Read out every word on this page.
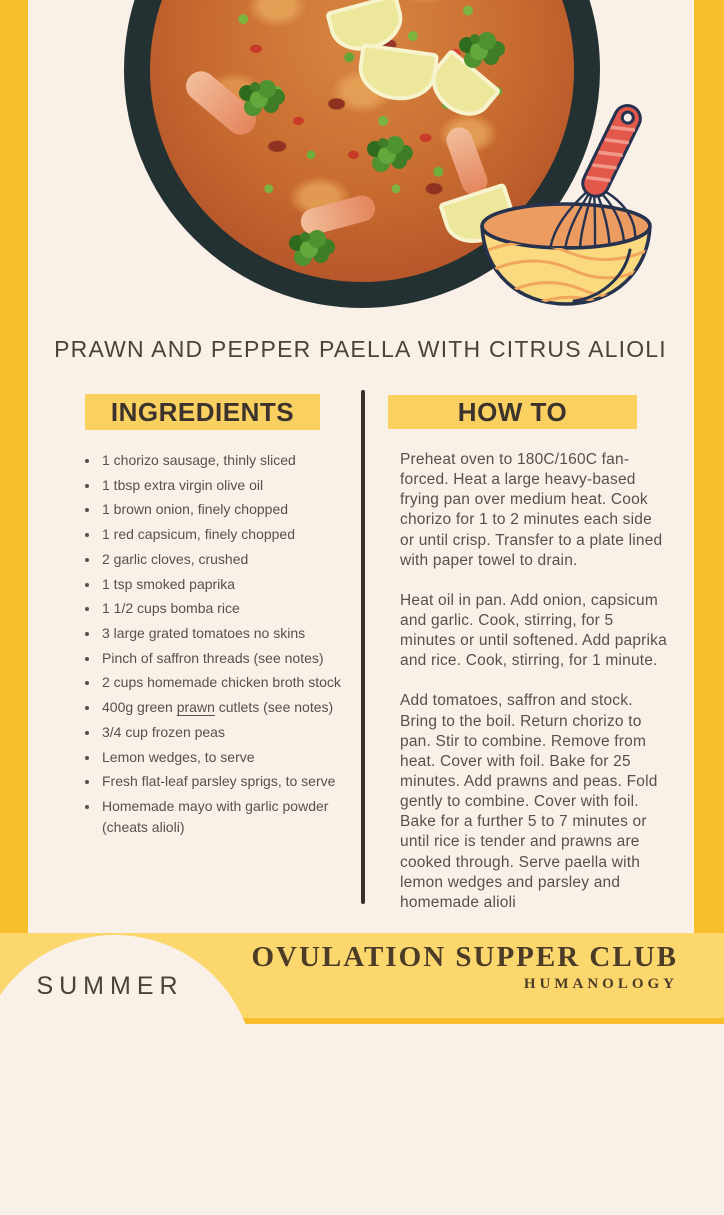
PRAWN AND PEPPER PAELLA WITH CITRUS ALIOLI
INGREDIENTS	HOW TO
• 1 chorizo sausage, thinly sliced
• 1 tbsp extra virgin olive oil
• 1 brown onion, finely chopped
• 1 red capsicum, finely chopped
• 2 garlic cloves, crushed
• 1 tsp smoked paprika
• 1 1/2 cups bomba rice
• 3 large grated tomatoes no skins
• Pinch of saffron threads (see notes)
• 2 cups homemade chicken broth stock
• 400g green prawn cutlets (see notes)
• 3/4 cup frozen peas
• Lemon wedges, to serve
• Fresh flat-leaf parsley sprigs, to serve
• Homemade mayo with garlic powder (cheats alioli)

Preheat oven to 180C/160C fan-forced. Heat a large heavy-based frying pan over medium heat. Cook chorizo for 1 to 2 minutes each side or until crisp. Transfer to a plate lined with paper towel to drain.

Heat oil in pan. Add onion, capsicum and garlic. Cook, stirring, for 5 minutes or until softened. Add paprika and rice. Cook, stirring, for 1 minute.

Add tomatoes, saffron and stock. Bring to the boil. Return chorizo to pan. Stir to combine. Remove from heat. Cover with foil. Bake for 25 minutes. Add prawns and peas. Fold gently to combine. Cover with foil. Bake for a further 5 to 7 minutes or until rice is tender and prawns are cooked through. Serve paella with lemon wedges and parsley and homemade alioli

SUMMER
OVULATION SUPPER CLUB
HUMANOLOGY
